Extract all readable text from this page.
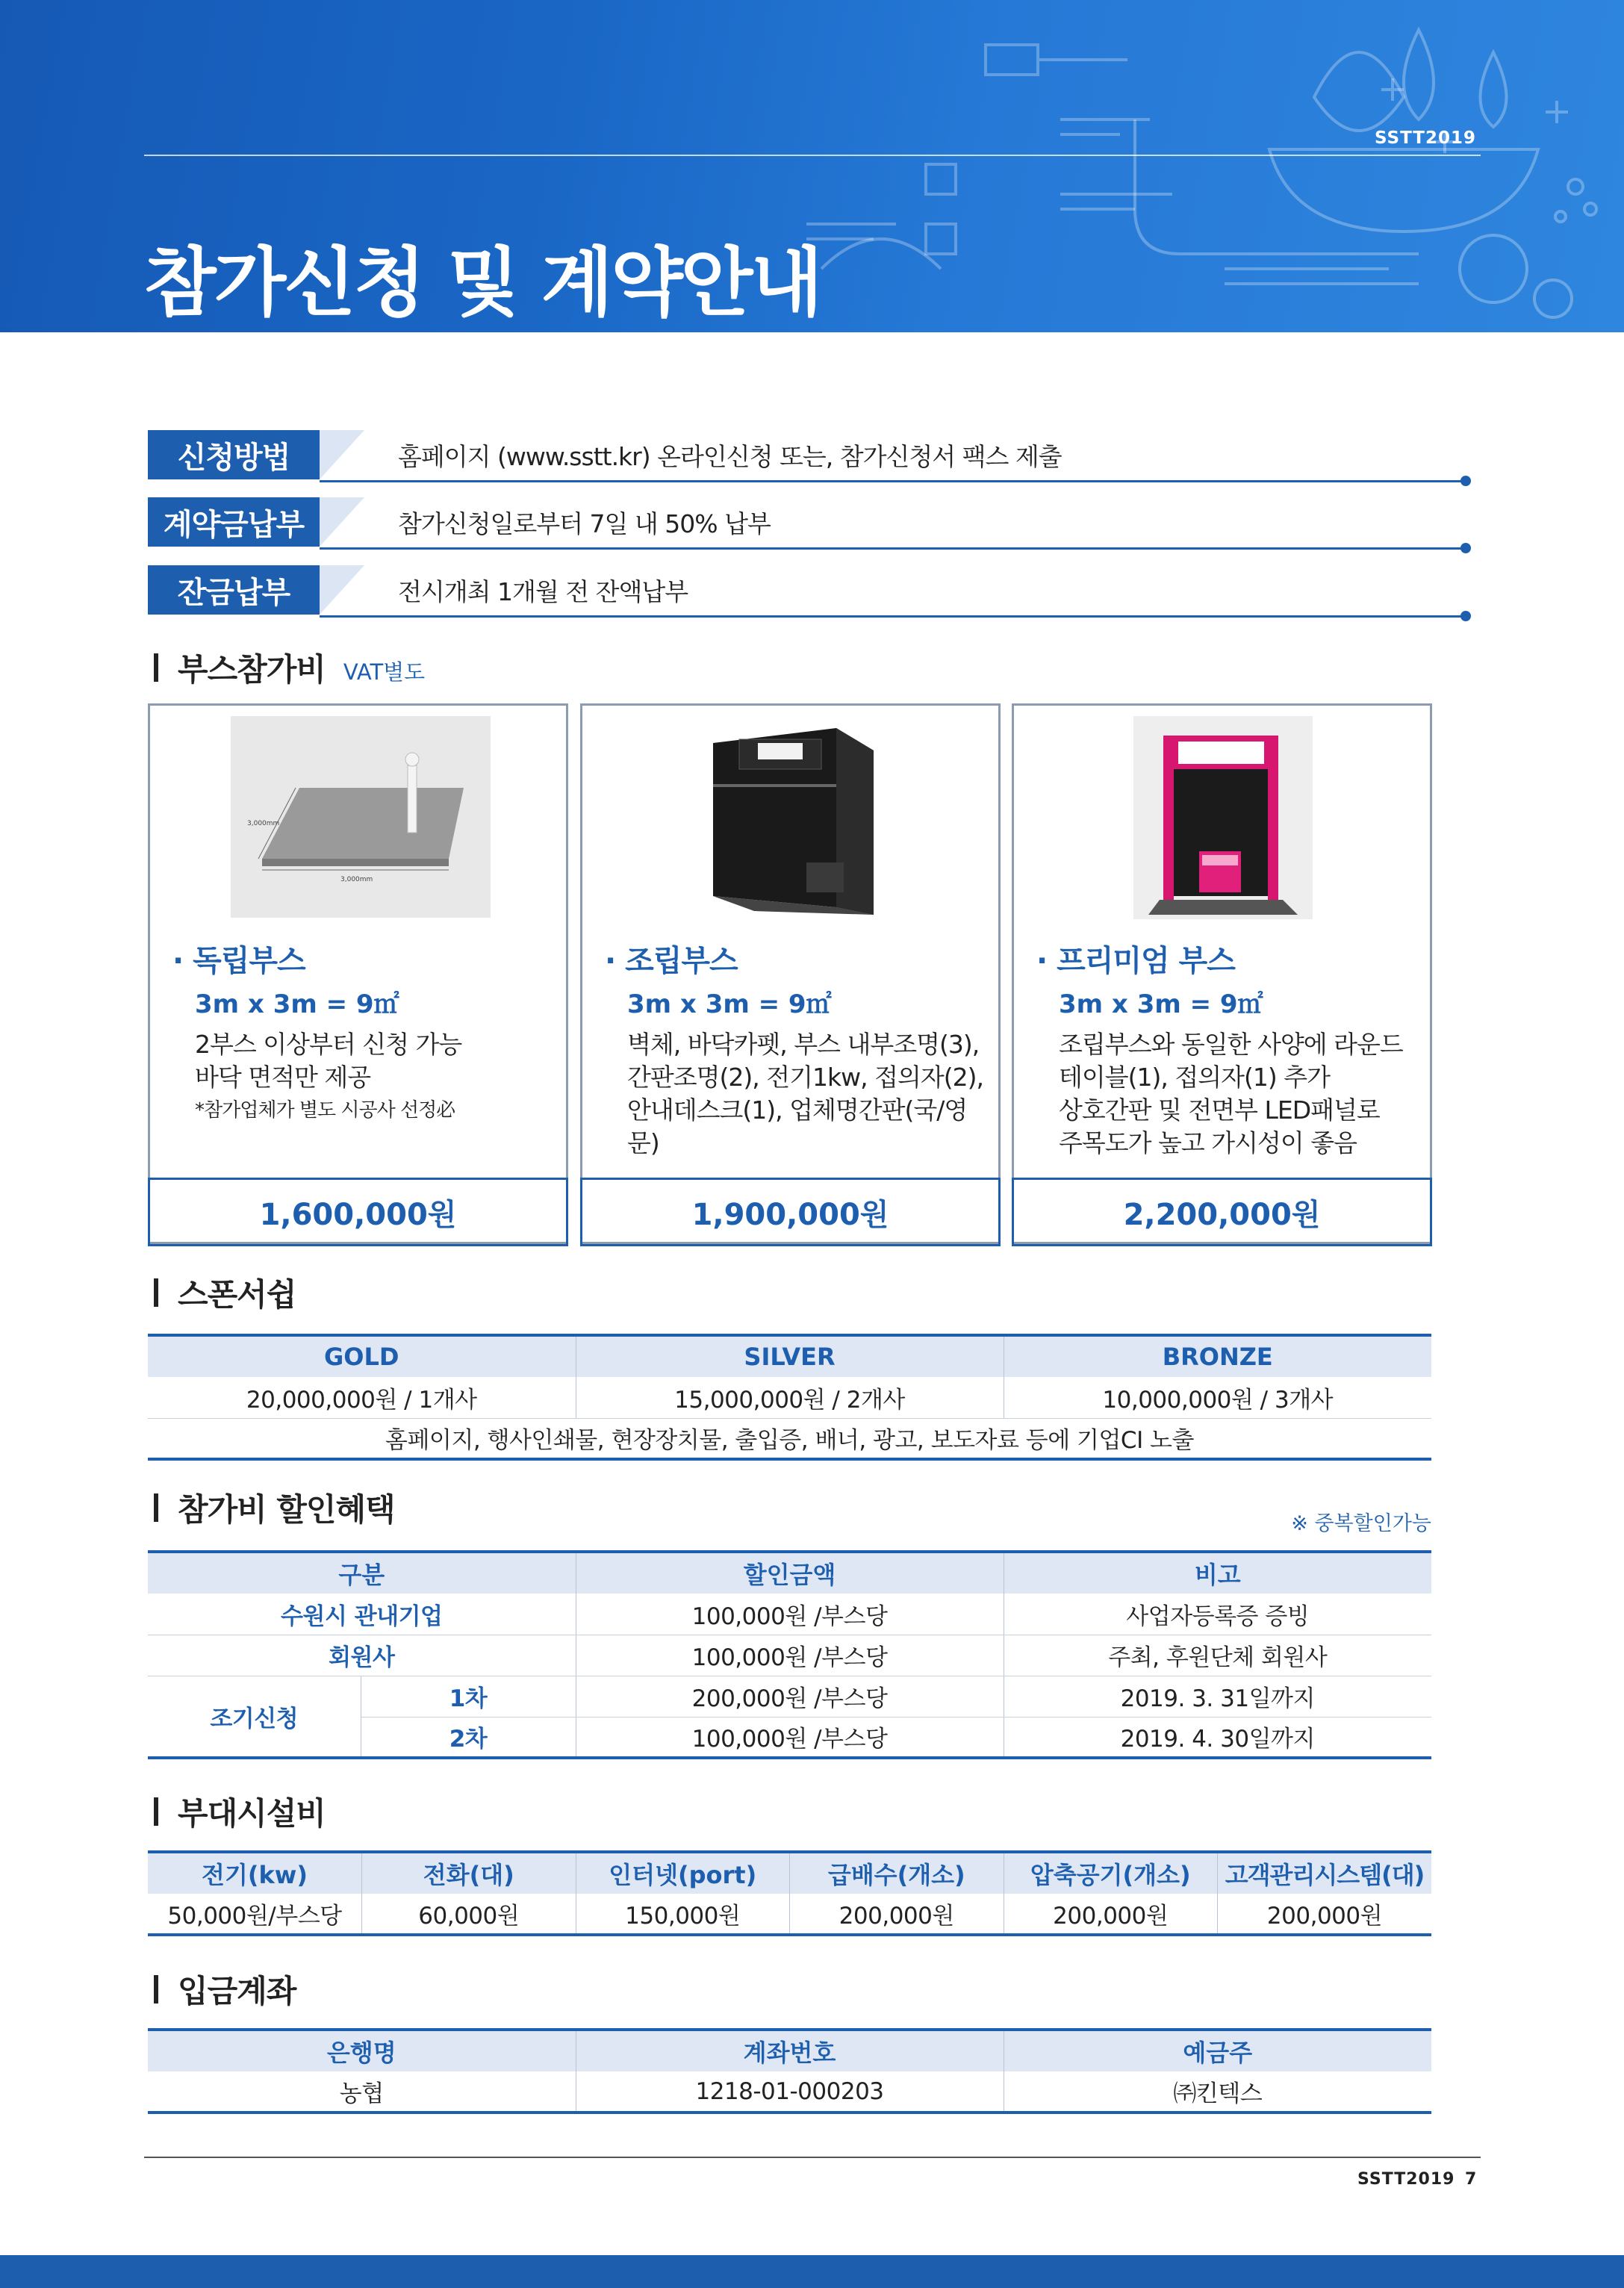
SSTT2019
참가신청 및 계약안내
신청방법	홈페이지 (www.sstt.kr) 온라인신청 또는, 참가신청서 팩스 제출
계약금납부	참가신청일로부터 7일 내 50% 납부
잔금납부	전시개최 1개월 전 잔액납부
부스참가비 VAT별도
3,000mm
3,000mm
· 독립부스
3m x 3m = 9㎡
2부스 이상부터 신청 가능
바닥 면적만 제공
*참가업체가 별도 시공사 선정必
1,600,000원
· 조립부스
3m x 3m = 9㎡
벽체, 바닥카펫, 부스 내부조명(3),
간판조명(2), 전기1kw, 접의자(2),
안내데스크(1), 업체명간판(국/영문)
1,900,000원
· 프리미엄 부스
3m x 3m = 9㎡
조립부스와 동일한 사양에 라운드
테이블(1), 접의자(1) 추가
상호간판 및 전면부 LED패널로
주목도가 높고 가시성이 좋음
2,200,000원
스폰서쉽
GOLD	SILVER	BRONZE
20,000,000원 / 1개사	15,000,000원 / 2개사	10,000,000원 / 3개사
홈페이지, 행사인쇄물, 현장장치물, 출입증, 배너, 광고, 보도자료 등에 기업CI 노출		
참가비 할인혜택	※ 중복할인가능
구분		할인금액	비고
수원시 관내기업		100,000원 /부스당	사업자등록증 증빙
회원사		100,000원 /부스당	주최, 후원단체 회원사
조기신청	1차	200,000원 /부스당	2019. 3. 31일까지
	2차	100,000원 /부스당	2019. 4. 30일까지
부대시설비
전기(kw)	전화(대)	인터넷(port)	급배수(개소)	압축공기(개소)	고객관리시스템(대)
50,000원/부스당	60,000원	150,000원	200,000원	200,000원	200,000원
입금계좌
은행명	계좌번호	예금주
농협	1218-01-000203	㈜킨텍스
SSTT2019 7
